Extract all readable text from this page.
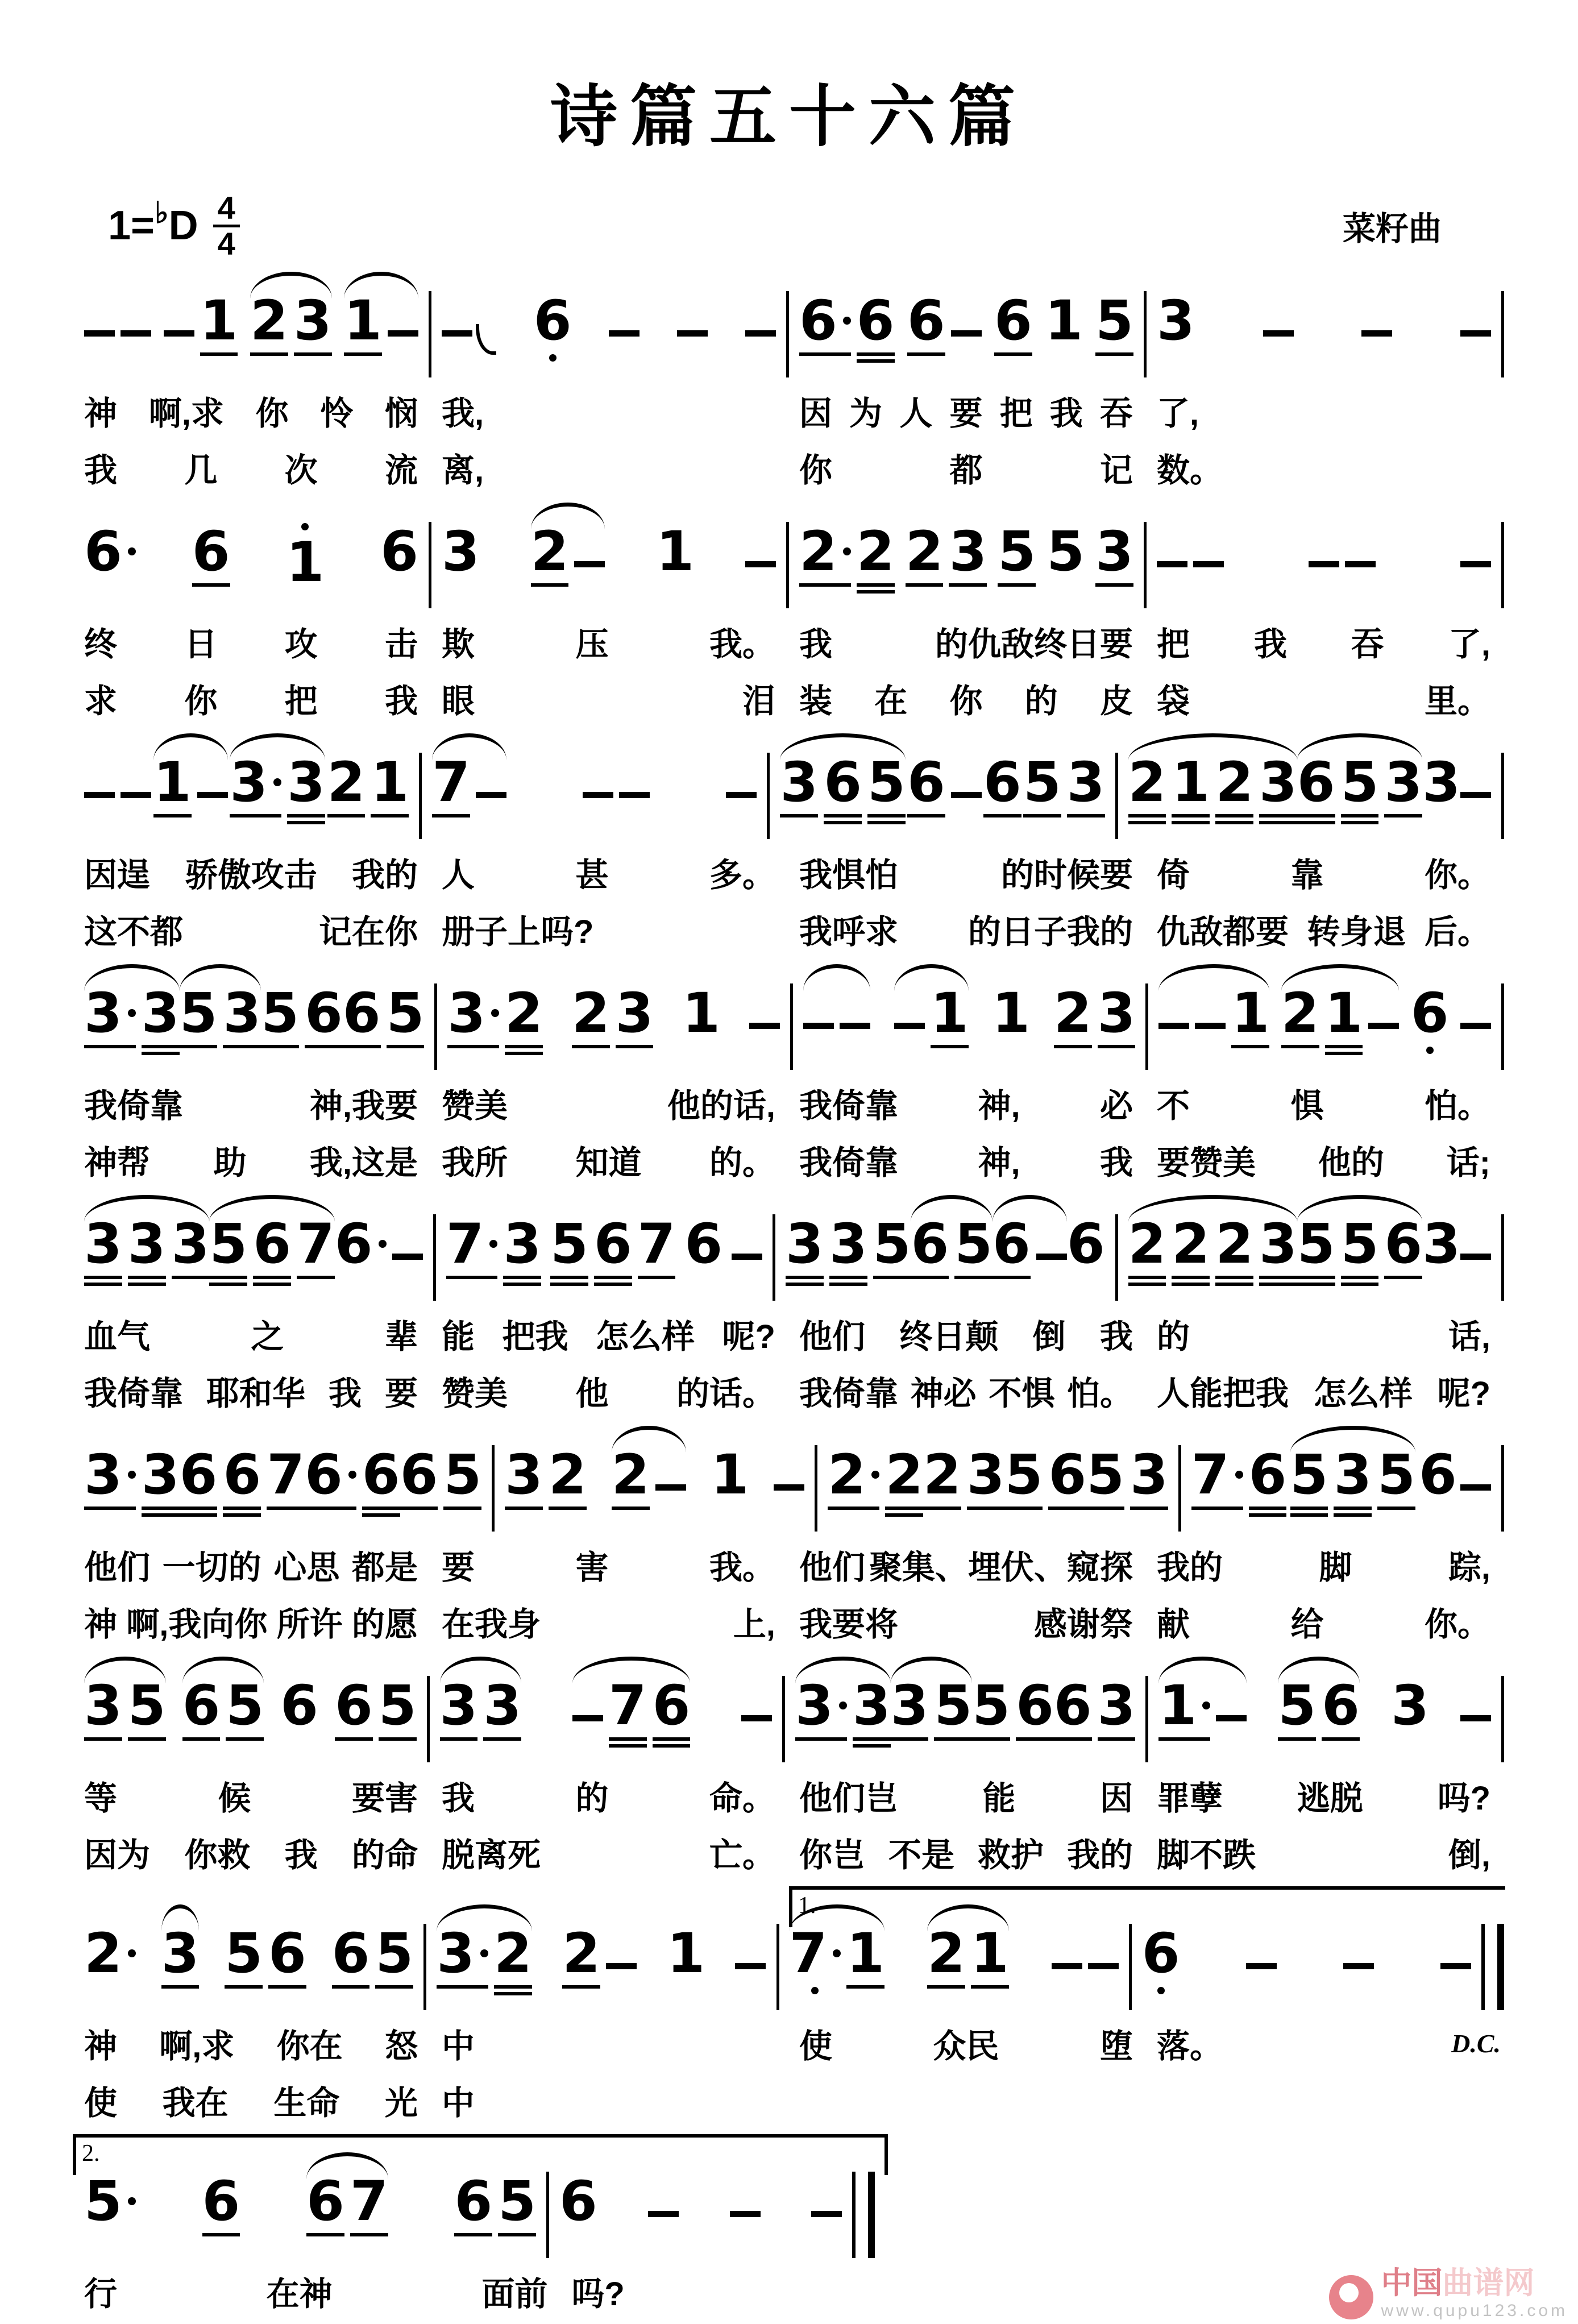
诗篇五十六篇
菜籽曲
1= ♭ D $\frac{4}{4}$
1 2 3 1	6	6 6 6 6 1 5 3
神 啊,求 你 怜 悯 我,	因 为 人 要 把 我 吞 了,
我 几 次 流 离,	你	都	记 数。
6 6 1 6 3 2 1 2 2 2 3 5 5 3
终 日 攻 击 欺	压	我。 我	的仇敌终日要 把 我 吞 了,
求 你 把 我 眼	泪 装 在 你 的 皮 袋	里。
1 3 3 2 1 7	3 6 5 6 6 5 3 2 1 2 3 6 5 3 3
因逞 骄傲攻击 我的 人	甚	多。 我惧怕	的时候要 倚	靠	你。
这不都	记在你 册子上吗?	我呼求 的日子我的 仇敌都要 转身退 后。
3 3 5 3 5 6 6 5 3 2 2 3 1	1 1 2 3 1 2 1 6
我倚靠	神,我要 赞美	他的话, 我倚靠 神, 必 不	惧	怕。
神帮 助 我,这是 我所 知道 的。 我倚靠 神, 我 要赞美 他的 话;
3 3 3 5 6 7 6 7 3 5 6 7 6 3 3 5 6 5 6 6 2 2 2 3 5 5 6 3
血气	之	辈 能 把我 怎么样 呢? 他们 终日颠 倒 我 的	话,
我倚靠 耶和华 我 要 赞美 他 的话。 我倚靠 神必 不惧 怕。 人能把我 怎么样 呢?
3 3 6 6 7 6 6 6 5 3 2 2 1 2 2 2 3 5 6 5 3 7 6 5 3 5 6
他们 一切的 心思 都是 要	害	我。 他们 聚集、埋伏、窥探 我的	脚	踪,
神 啊,我向你 所许 的愿 在我身	上, 我要将	感谢祭 献	给	你。
3 5 6 5 6 6 5 3 3 7 6 3 3 3 5 5 6 6 3 1 5 6 3
等	候	要害 我	的	命。 他们岂	能	因 罪孽 逃脱 吗?
因为 你救 我 的命 脱离死	亡。 你岂 不是 救护 我的 脚不跌	倒,
1.
2 3 5 6 6 5 3 2 2 1 7 1 2 1 6
神 啊,求 你在 怒 中	使	众民	堕 落。
使 我在 生命 光 中
D.C.
2.
5 6 6 7 6 5 6
行	在神	面前 吗?	中国曲谱网
www.qupu123.com
